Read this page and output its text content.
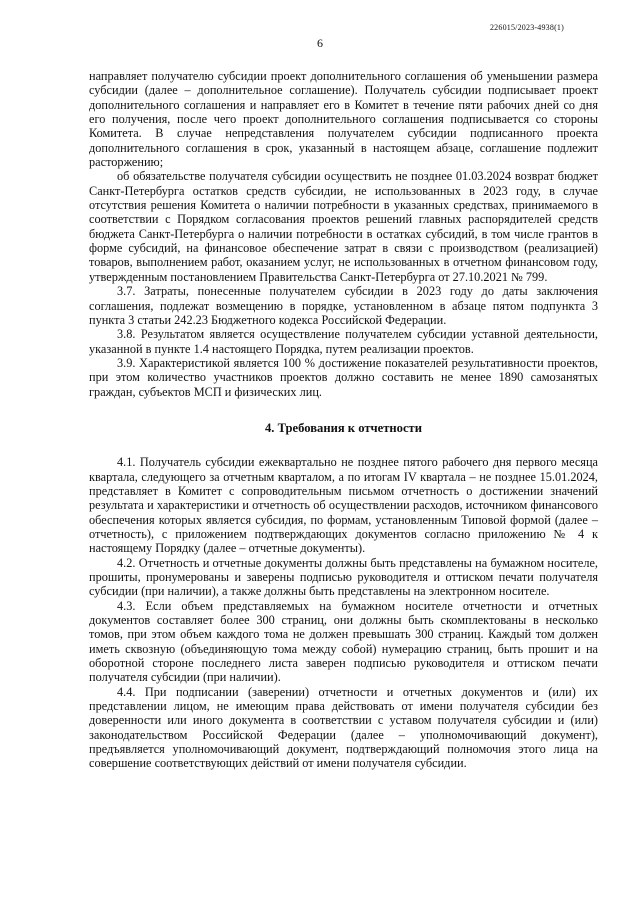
226015/2023-4938(1)
6

направляет получателю субсидии проект дополнительного соглашения об уменьшении размера субсидии (далее – дополнительное соглашение). Получатель субсидии подписывает проект дополнительного соглашения и направляет его в Комитет в течение пяти рабочих дней со дня его получения, после чего проект дополнительного соглашения подписывается со стороны Комитета. В случае непредставления получателем субсидии подписанного проекта дополнительного соглашения в срок, указанный в настоящем абзаце, соглашение подлежит расторжению;

об обязательстве получателя субсидии осуществить не позднее 01.03.2024 возврат бюджет Санкт-Петербурга остатков средств субсидии, не использованных в 2023 году, в случае отсутствия решения Комитета о наличии потребности в указанных средствах, принимаемого в соответствии с Порядком согласования проектов решений главных распорядителей средств бюджета Санкт-Петербурга о наличии потребности в остатках субсидий, в том числе грантов в форме субсидий, на финансовое обеспечение затрат в связи с производством (реализацией) товаров, выполнением работ, оказанием услуг, не использованных в отчетном финансовом году, утвержденным постановлением Правительства Санкт-Петербурга от 27.10.2021 № 799.

3.7. Затраты, понесенные получателем субсидии в 2023 году до даты заключения соглашения, подлежат возмещению в порядке, установленном в абзаце пятом подпункта 3 пункта 3 статьи 242.23 Бюджетного кодекса Российской Федерации.

3.8. Результатом является осуществление получателем субсидии уставной деятельности, указанной в пункте 1.4 настоящего Порядка, путем реализации проектов.

3.9. Характеристикой является 100 % достижение показателей результативности проектов, при этом количество участников проектов должно составить не менее 1890 самозанятых граждан, субъектов МСП и физических лиц.

4. Требования к отчетности

4.1. Получатель субсидии ежеквартально не позднее пятого рабочего дня первого месяца квартала, следующего за отчетным кварталом, а по итогам IV квартала – не позднее 15.01.2024, представляет в Комитет с сопроводительным письмом отчетность о достижении значений результата и характеристики и отчетность об осуществлении расходов, источником финансового обеспечения которых является субсидия, по формам, установленным Типовой формой (далее – отчетность), с приложением подтверждающих документов согласно приложению № 4 к настоящему Порядку (далее – отчетные документы).

4.2. Отчетность и отчетные документы должны быть представлены на бумажном носителе, прошиты, пронумерованы и заверены подписью руководителя и оттиском печати получателя субсидии (при наличии), а также должны быть представлены на электронном носителе.

4.3. Если объем представляемых на бумажном носителе отчетности и отчетных документов составляет более 300 страниц, они должны быть скомплектованы в несколько томов, при этом объем каждого тома не должен превышать 300 страниц. Каждый том должен иметь сквозную (объединяющую тома между собой) нумерацию страниц, быть прошит и на оборотной стороне последнего листа заверен подписью руководителя и оттиском печати получателя субсидии (при наличии).

4.4. При подписании (заверении) отчетности и отчетных документов и (или) их представлении лицом, не имеющим права действовать от имени получателя субсидии без доверенности или иного документа в соответствии с уставом получателя субсидии и (или) законодательством Российской Федерации (далее – уполномочивающий документ), предъявляется уполномочивающий документ, подтверждающий полномочия этого лица на совершение соответствующих действий от имени получателя субсидии.
